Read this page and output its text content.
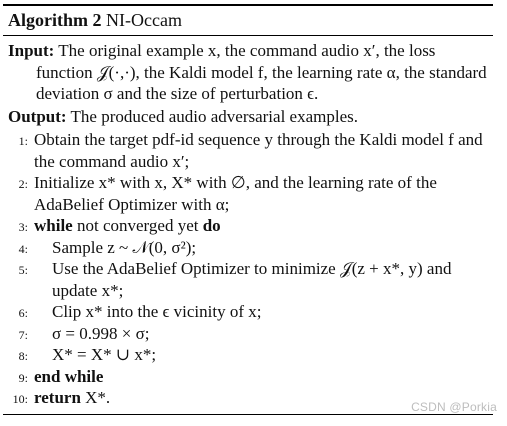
Algorithm 2 NI-Occam
Input: The original example x, the command audio x′, the loss function 𝒥(·,·), the Kaldi model f, the learning rate α, the standard deviation σ and the size of perturbation ϵ.
Output: The produced audio adversarial examples.
1: Obtain the target pdf-id sequence y through the Kaldi model f and the command audio x′;
2: Initialize x* with x, X* with ∅, and the learning rate of the AdaBelief Optimizer with α;
3: while not converged yet do
4: Sample z ~ 𝒩(0, σ²);
5: Use the AdaBelief Optimizer to minimize 𝒥(z + x*, y) and update x*;
6: Clip x* into the ϵ vicinity of x;
7: σ = 0.998 × σ;
8: X* = X* ∪ x*;
9: end while
10: return X*.	CSDN @Porkia
